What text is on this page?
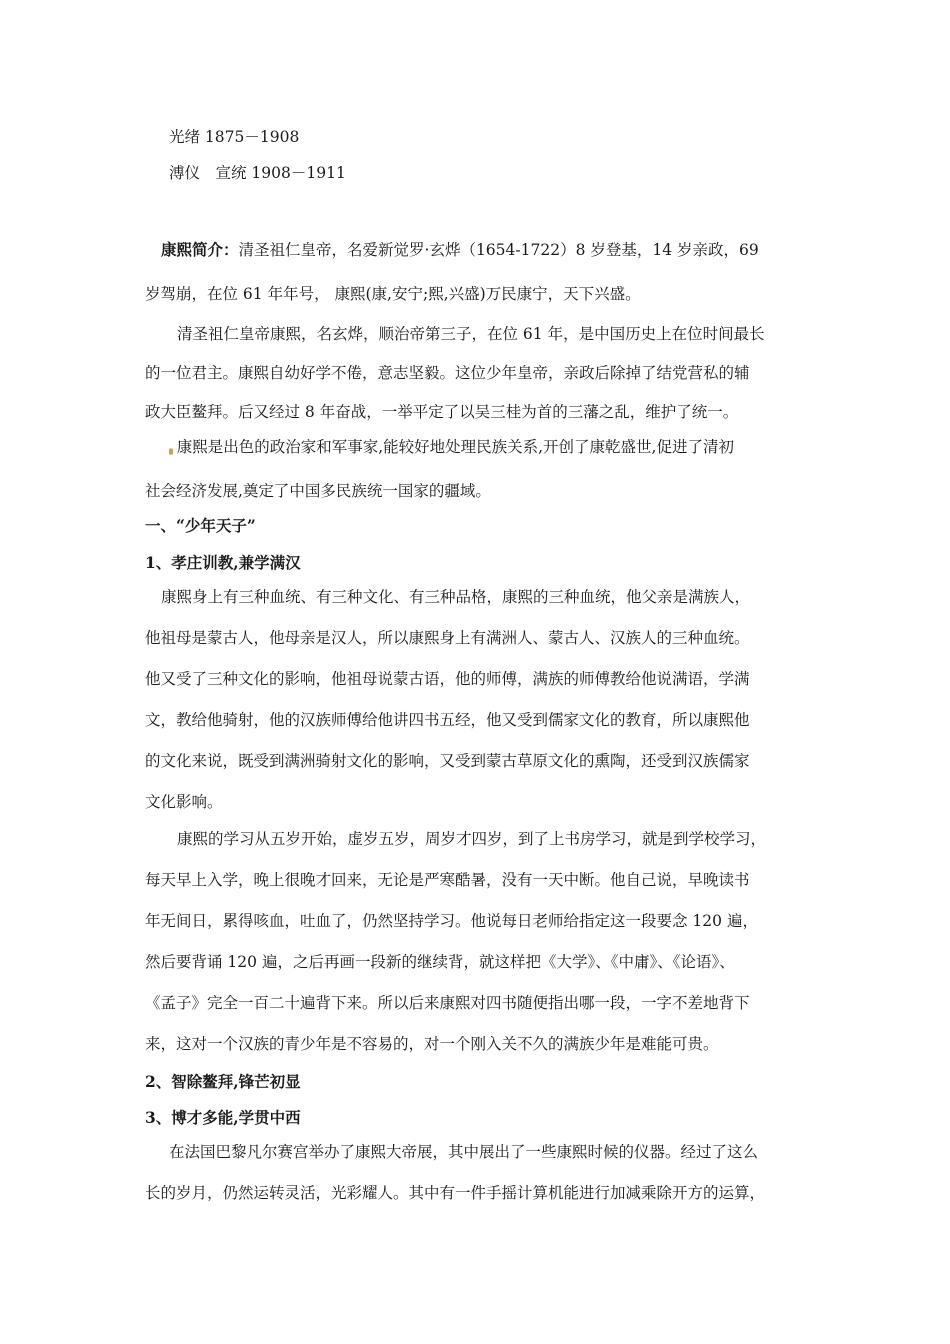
光绪 1875－1908
溥仪　宣统 1908－1911
康熙简介：清圣祖仁皇帝，名爱新觉罗·玄烨（1654-1722）8 岁登基，14 岁亲政，69
岁驾崩，在位 61 年年号， 康熙(康,安宁;熙,兴盛)万民康宁，天下兴盛。
清圣祖仁皇帝康熙，名玄烨，顺治帝第三子，在位 61 年，是中国历史上在位时间最长
的一位君主。康熙自幼好学不倦，意志坚毅。这位少年皇帝，亲政后除掉了结党营私的辅
政大臣鳌拜。后又经过 8 年奋战，一举平定了以吴三桂为首的三藩之乱，维护了统一。
▖康熙是出色的政治家和军事家,能较好地处理民族关系,开创了康乾盛世,促进了清初
社会经济发展,奠定了中国多民族统一国家的疆域。
一、“少年天子”
1、孝庄训教,兼学满汉
康熙身上有三种血统、有三种文化、有三种品格，康熙的三种血统，他父亲是满族人，
他祖母是蒙古人，他母亲是汉人，所以康熙身上有满洲人、蒙古人、汉族人的三种血统。
他又受了三种文化的影响，他祖母说蒙古语，他的师傅，满族的师傅教给他说满语，学满
文，教给他骑射，他的汉族师傅给他讲四书五经，他又受到儒家文化的教育，所以康熙他
的文化来说，既受到满洲骑射文化的影响，又受到蒙古草原文化的熏陶，还受到汉族儒家
文化影响。
康熙的学习从五岁开始，虚岁五岁，周岁才四岁，到了上书房学习，就是到学校学习，
每天早上入学，晚上很晚才回来，无论是严寒酷暑，没有一天中断。他自己说，早晚读书
年无间日，累得咳血，吐血了，仍然坚持学习。他说每日老师给指定这一段要念 120 遍，
然后要背诵 120 遍，之后再画一段新的继续背，就这样把《大学》、《中庸》、《论语》、
《孟子》完全一百二十遍背下来。所以后来康熙对四书随便指出哪一段，一字不差地背下
来，这对一个汉族的青少年是不容易的，对一个刚入关不久的满族少年是难能可贵。
2、智除鳌拜,锋芒初显
3、博才多能,学贯中西
在法国巴黎凡尔赛宫举办了康熙大帝展，其中展出了一些康熙时候的仪器。经过了这么
长的岁月，仍然运转灵活，光彩耀人。其中有一件手摇计算机能进行加减乘除开方的运算，
